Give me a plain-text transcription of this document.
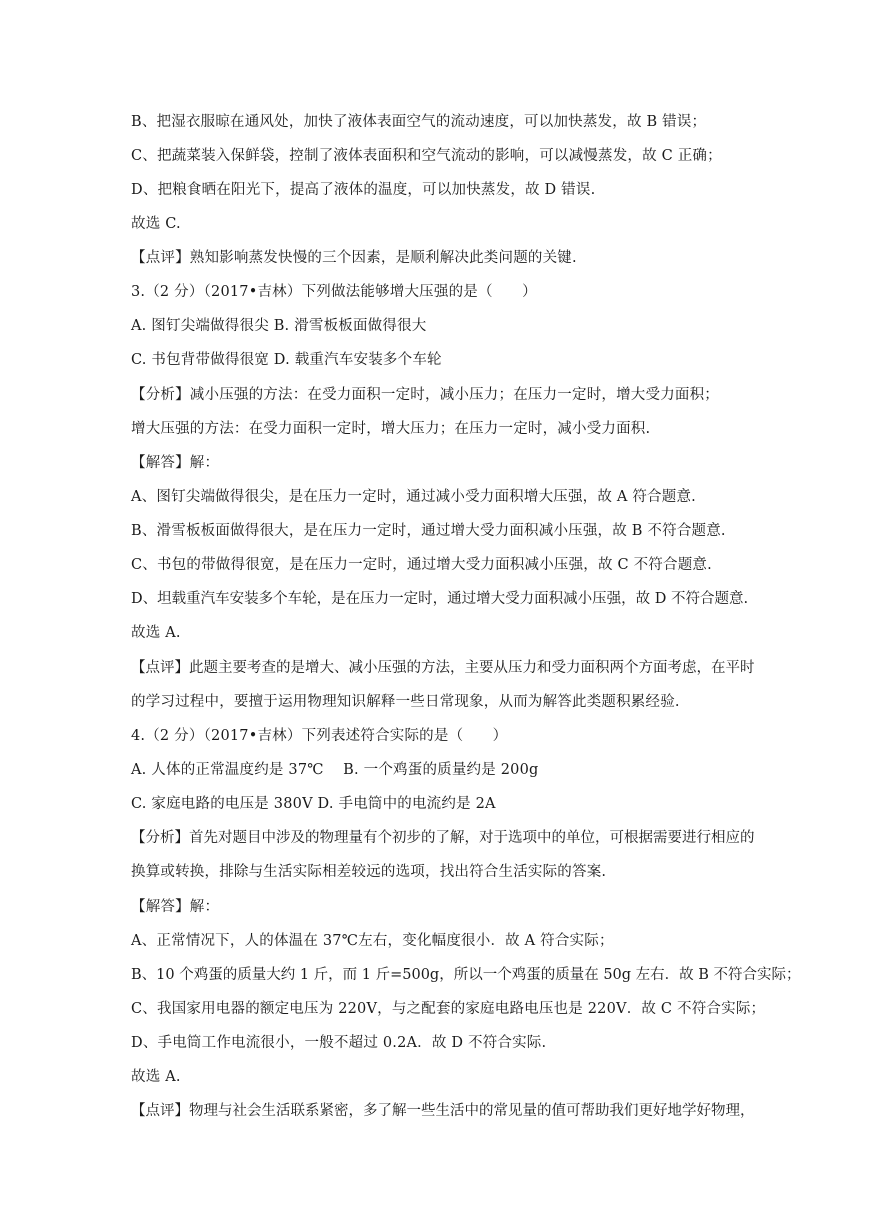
B、把湿衣服晾在通风处，加快了液体表面空气的流动速度，可以加快蒸发，故 B 错误；
C、把蔬菜装入保鲜袋，控制了液体表面积和空气流动的影响，可以减慢蒸发，故 C 正确；
D、把粮食晒在阳光下，提高了液体的温度，可以加快蒸发，故 D 错误.
故选 C.
【点评】熟知影响蒸发快慢的三个因素，是顺利解决此类问题的关键.
3.（2 分）（2017•吉林）下列做法能够增大压强的是（　　）
A. 图钉尖端做得很尖 B. 滑雪板板面做得很大
C. 书包背带做得很宽 D. 载重汽车安装多个车轮
【分析】减小压强的方法：在受力面积一定时，减小压力；在压力一定时，增大受力面积；
增大压强的方法：在受力面积一定时，增大压力；在压力一定时，减小受力面积.
【解答】解：
A、图钉尖端做得很尖，是在压力一定时，通过减小受力面积增大压强，故 A 符合题意.
B、滑雪板板面做得很大，是在压力一定时，通过增大受力面积减小压强，故 B 不符合题意.
C、书包的带做得很宽，是在压力一定时，通过增大受力面积减小压强，故 C 不符合题意.
D、坦载重汽车安装多个车轮，是在压力一定时，通过增大受力面积减小压强，故 D 不符合题意.
故选 A.
【点评】此题主要考查的是增大、减小压强的方法，主要从压力和受力面积两个方面考虑，在平时
的学习过程中，要擅于运用物理知识解释一些日常现象，从而为解答此类题积累经验.
4.（2 分）（2017•吉林）下列表述符合实际的是（　　）
A. 人体的正常温度约是 37℃　 B. 一个鸡蛋的质量约是 200g
C. 家庭电路的电压是 380V D. 手电筒中的电流约是 2A
【分析】首先对题目中涉及的物理量有个初步的了解，对于选项中的单位，可根据需要进行相应的
换算或转换，排除与生活实际相差较远的选项，找出符合生活实际的答案.
【解答】解：
A、正常情况下，人的体温在 37℃左右，变化幅度很小．故 A 符合实际；
B、10 个鸡蛋的质量大约 1 斤，而 1 斤=500g，所以一个鸡蛋的质量在 50g 左右．故 B 不符合实际；
C、我国家用电器的额定电压为 220V，与之配套的家庭电路电压也是 220V．故 C 不符合实际；
D、手电筒工作电流很小，一般不超过 0.2A．故 D 不符合实际.
故选 A.
【点评】物理与社会生活联系紧密，多了解一些生活中的常见量的值可帮助我们更好地学好物理，
